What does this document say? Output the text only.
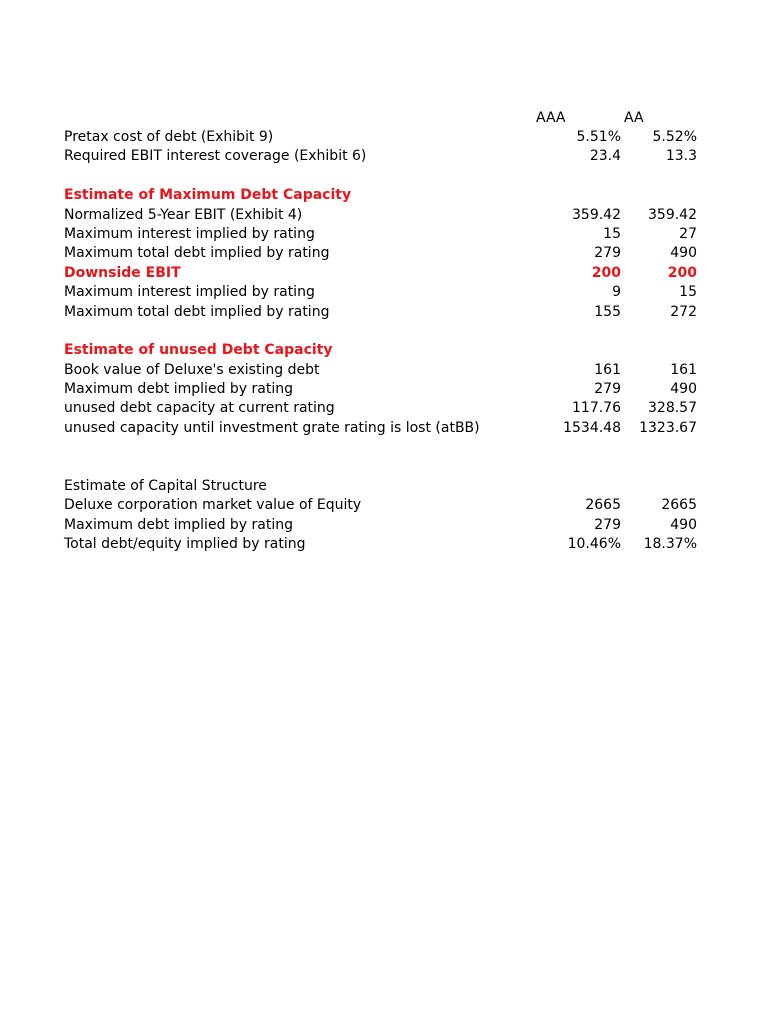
AAA	AA
Pretax cost of debt (Exhibit 9)	5.51% 5.52%
Required EBIT interest coverage (Exhibit 6)	23.4	13.3
Estimate of Maximum Debt Capacity
Normalized 5-Year EBIT (Exhibit 4)	359.42 359.42
Maximum interest implied by rating	15	27
Maximum total debt implied by rating	279	490
Downside EBIT	200	200
Maximum interest implied by rating	9	15
Maximum total debt implied by rating	155	272
Estimate of unused Debt Capacity
Book value of Deluxe's existing debt	161	161
Maximum debt implied by rating	279	490
unused debt capacity at current rating	117.76 328.57
unused capacity until investment grate rating is lost (atBB)	1534.48 1323.67
Estimate of Capital Structure
Deluxe corporation market value of Equity	2665	2665
Maximum debt implied by rating	279	490
Total debt/equity implied by rating	10.46% 18.37%
